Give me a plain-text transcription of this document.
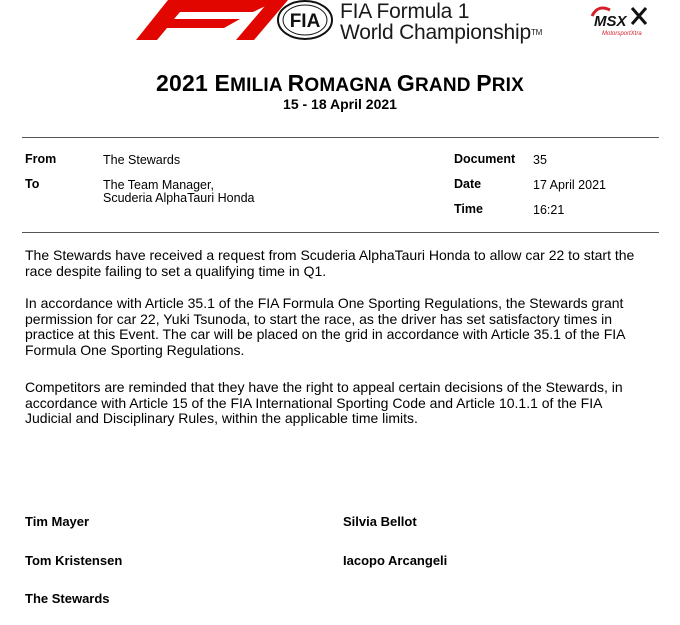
FIA FIA Formula 1
World ChampionshipTM
MSX
MotorsportXtra
2021 EMILIA ROMAGNA GRAND PRIX
15 - 18 April 2021
From	The Stewards
To	The Team Manager,
Scuderia AlphaTauri Honda
Document 35
Date	17 April 2021
Time	16:21
The Stewards have received a request from Scuderia AlphaTauri Honda to allow car 22 to start the
race despite failing to set a qualifying time in Q1.
In accordance with Article 35.1 of the FIA Formula One Sporting Regulations, the Stewards grant
permission for car 22, Yuki Tsunoda, to start the race, as the driver has set satisfactory times in
practice at this Event. The car will be placed on the grid in accordance with Article 35.1 of the FIA
Formula One Sporting Regulations.
Competitors are reminded that they have the right to appeal certain decisions of the Stewards, in
accordance with Article 15 of the FIA International Sporting Code and Article 10.1.1 of the FIA
Judicial and Disciplinary Rules, within the applicable time limits.
Tim Mayer	Silvia Bellot
Tom Kristensen	Iacopo Arcangeli
The Stewards
